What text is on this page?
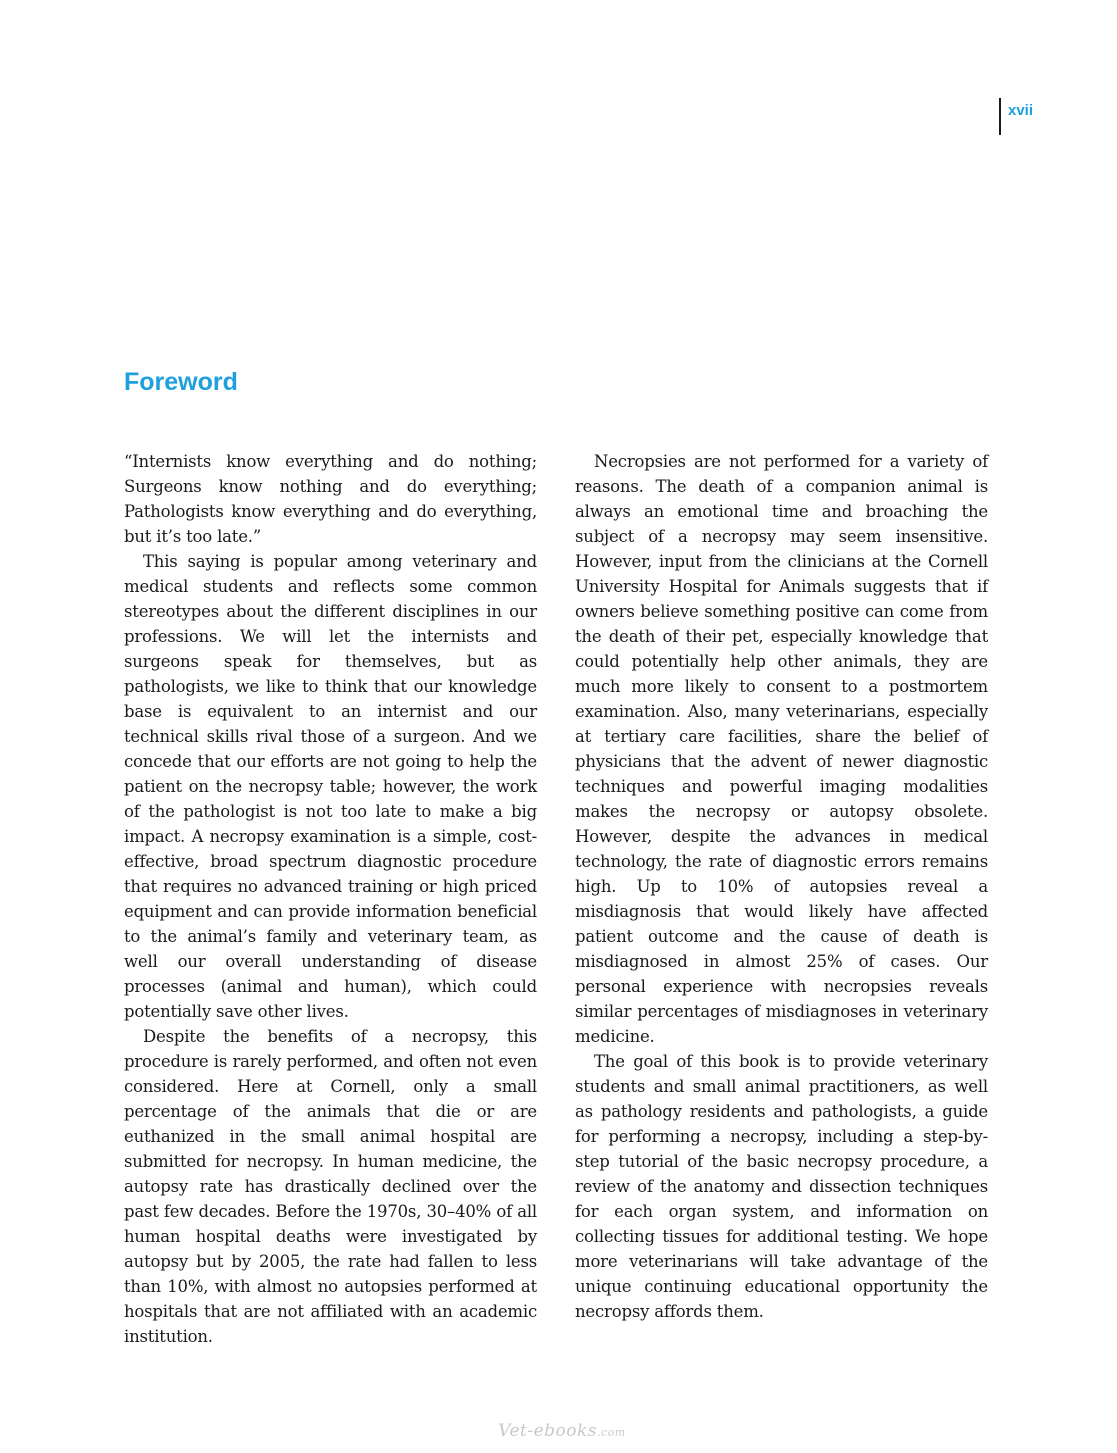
xvii
Foreword

“Internists know everything and do nothing; Surgeons know nothing and do everything; Pathologists know everything and do everything, but it’s too late.”

This saying is popular among veterinary and medical students and reflects some common stereotypes about the different disciplines in our professions. We will let the internists and surgeons speak for themselves, but as pathologists, we like to think that our knowledge base is equivalent to an internist and our technical skills rival those of a surgeon. And we concede that our efforts are not going to help the patient on the necropsy table; however, the work of the pathologist is not too late to make a big impact. A necropsy examination is a simple, cost-effective, broad spectrum diagnostic procedure that requires no advanced training or high priced equipment and can provide information beneficial to the animal’s family and veterinary team, as well our overall understanding of disease processes (animal and human), which could potentially save other lives.

Despite the benefits of a necropsy, this procedure is rarely performed, and often not even considered. Here at Cornell, only a small percentage of the animals that die or are euthanized in the small animal hospital are submitted for necropsy. In human medicine, the autopsy rate has drastically declined over the past few decades. Before the 1970s, 30–40% of all human hospital deaths were investigated by autopsy but by 2005, the rate had fallen to less than 10%, with almost no autopsies performed at hospitals that are not affiliated with an academic institution.

Necropsies are not performed for a variety of reasons. The death of a companion animal is always an emotional time and broaching the subject of a necropsy may seem insensitive. However, input from the clinicians at the Cornell University Hospital for Animals suggests that if owners believe something positive can come from the death of their pet, especially knowledge that could potentially help other animals, they are much more likely to consent to a postmortem examination. Also, many veterinarians, especially at tertiary care facilities, share the belief of physicians that the advent of newer diagnostic techniques and powerful imaging modalities makes the necropsy or autopsy obsolete. However, despite the advances in medical technology, the rate of diagnostic errors remains high. Up to 10% of autopsies reveal a misdiagnosis that would likely have affected patient outcome and the cause of death is misdiagnosed in almost 25% of cases. Our personal experience with necropsies reveals similar percentages of misdiagnoses in veterinary medicine.

The goal of this book is to provide veterinary students and small animal practitioners, as well as pathology residents and pathologists, a guide for performing a necropsy, including a step-by-step tutorial of the basic necropsy procedure, a review of the anatomy and dissection techniques for each organ system, and information on collecting tissues for additional testing. We hope more veterinarians will take advantage of the unique continuing educational opportunity the necropsy affords them.

Vet-ebooks.com
